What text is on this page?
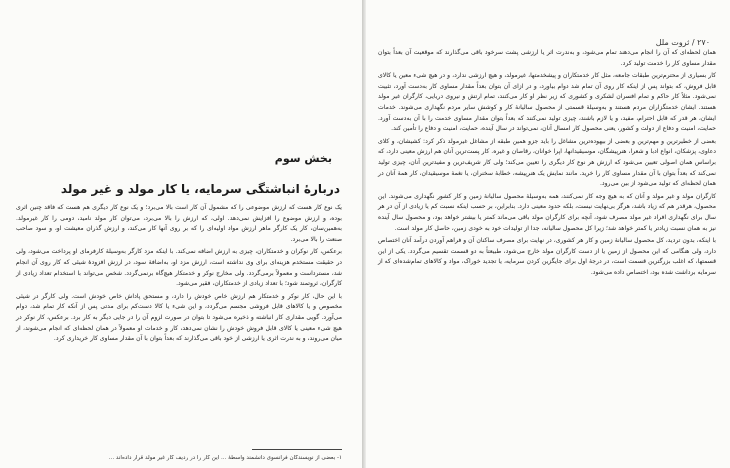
بخش سوم
دربارهٔ انباشتگی سرمایه، یا کار مولد و غیر مولد

یک نوع کار هست که ارزش موضوعی را که مشمول آن کار است بالا می‌برد؛ و یک نوع کار دیگری هم هست که فاقد چنین اثری بوده، و ارزش موضوع را افزایش نمی‌دهد. اولی، که ارزش را بالا می‌برد، می‌توان کار مولد نامید، دومی را کار غیرمولد. به‌همین‌سان، کار یک کارگر ماهر ارزش مواد اولیه‌ای را که بر روی آنها کار می‌کند، و ارزش گذران معیشت او، و سود صاحب صنعت را بالا می‌برد.

برعکس، کار نوکران و خدمتکاران، چیزی به ارزش اضافه نمی‌کند. با اینکه مزد کارگر به‌وسیلهٔ کارفرمای او پرداخت می‌شود، ولی در حقیقت مستخدم هزینه‌ای برای وی نداشته است، ارزش مزد او، به‌اضافهٔ سود، در ارزش افزودهٔ شیئی که کار روی آن انجام شد، مسترداست و معمولاً برمی‌گردد. ولی مخارج نوکر و خدمتکار هیچ‌گاه برنمی‌گردد. شخص می‌تواند با استخدام تعداد زیادی از کارگران، ثروتمند شود؛ با تعداد زیادی از خدمتکاران، فقیر می‌شود.

با این حال، کار نوکر و خدمتکار هم ارزش خاص خودش را دارد، و مستحق پاداش خاص خودش است. ولی کارگر در شیئی مخصوص و یا کالاهای قابل فروشی مجسم می‌گردد، و این شیء یا کالا دست‌کم برای مدتی پس از آنکه کار تمام شد، دوام می‌آورد. گویی مقداری کار انباشته و ذخیره می‌شود تا بتوان در صورت لزوم آن را در جایی دیگر به کار برد. برعکس، کار نوکر در هیچ شیء معینی یا کالای قابل فروش خودش را نشان نمی‌دهد، کار و خدمات او معمولاً در همان لحظه‌ای که انجام می‌شوند، از میان می‌روند، و به ندرت اثری یا ارزشی از خود باقی می‌گذارند که بعداً بتوان با آن مقدار مساوی کار خریداری کرد.

۱- بعضی از نویسندگان فرانسوی دانشمند واسطهٔ ... این کار را در ردیف کار غیر مولد قرار داده‌اند ...
۲۷۰ / ثروت ملل

همان لحظه‌ای که آن را انجام می‌دهند تمام می‌شود، و به‌ندرت اثر یا ارزشی پشت سرخود باقی می‌گذارند که موقعیت آن بعداً بتوان مقدار مساوی کار را خدمت تولید کرد.

کار بسیاری از محترم‌ترین طبقات جامعه، مثل کار خدمتکاران و پیشخدمتها، غیرمولد، و هیچ ارزشی ندارد، و در هیچ شیء معین یا کالای قابل فروش، که بتواند پس از اینکه کار روی آن تمام شد دوام بیاورد، و در ازای آن بتوان بعداً مقدار مساوی کار به‌دست آورد، تثبیت نمی‌شود. مثلاً کار حاکم و تمام افسران لشکری و کشوری که زیر نظر او کار می‌کنند، تمام ارتش و نیروی دریایی، کارگران غیر مولد هستند. ایشان خدمتگزاران مردم هستند و به‌وسیلهٔ قسمتی از محصول سالیانهٔ کار و کوشش سایر مردم نگهداری می‌شوند. خدمات ایشان، هر قدر که قابل احترام، مفید، و یا لازم باشند، چیزی تولید نمی‌کنند که بعداً بتوان مقدار مساوی خدمت را با آن به‌دست آورد. حمایت، امنیت و دفاع از دولت و کشور، یعنی محصول کار امسال آنان، نمی‌تواند در سال آینده، حمایت، امنیت و دفاع را تأمین کند.

بعضی از خطیرترین و مهم‌ترین و بعضی از بیهوده‌ترین مشاغل را باید جزو همین طبقه از مشاغل غیرمولد ذکر کرد: کشیشان، و کلای دعاوی، پزشکان، انواع ادبا و شعرا، هنرپیشگان، موسیقیدانها، اپرا خوانان، رقاصان و غیره. کار پست‌ترین آنان هم ارزش معینی دارد، که براساس همان اصولی تعیین می‌شود که ارزش هر نوع کار دیگری را تعیین می‌کند؛ ولی کار شریف‌ترین و مفیدترین آنان، چیزی تولید نمی‌کند که بعداً بتوان با آن مقدار مساوی کار را خرید. مانند نمایش یک هنرپیشه، خطابهٔ سخنران، یا نغمهٔ موسیقیدان، کار همهٔ آنان در همان لحظه‌ای که تولید می‌شود از بین می‌رود.

کارگران مولد و غیر مولد و آنان که به هیچ وجه کار نمی‌کنند، همه به‌وسیلهٔ محصول سالیانهٔ زمین و کار کشور نگهداری می‌شوند. این محصول، هرقدر هم که زیاد باشد، هرگز بی‌نهایت نیست، بلکه حدود معینی دارد. بنابراین، بر حسب اینکه نسبت کم یا زیادی از آن در هر سال برای نگهداری افراد غیر مولد مصرف شود، آنچه برای کارگران مولد باقی می‌ماند کمتر یا بیشتر خواهد بود، و محصول سال آینده نیز به همان نسبت زیادتر یا کمتر خواهد شد؛ زیرا کل محصول سالیانه، جدا از تولیدات خود به خودی زمین، حاصل کار مولد است.

با اینکه، بدون تردید، کل محصول سالیانهٔ زمین و کار هر کشوری، در نهایت برای مصرف ساکنان آن و فراهم آوردن درآمد آنان اختصاص دارد، ولی هنگامی که این محصول از زمین یا از دست کارگران مولد خارج می‌شود، طبیعتاً به دو قسمت تقسیم می‌گردد. یکی از این قسمتها، که اغلب بزرگترین قسمت است، در درجهٔ اول برای جایگزین کردن سرمایه، یا تجدید خوراک، مواد و کالاهای تمام‌شده‌ای که از سرمایه برداشت شده بود، اختصاص داده می‌شود.
